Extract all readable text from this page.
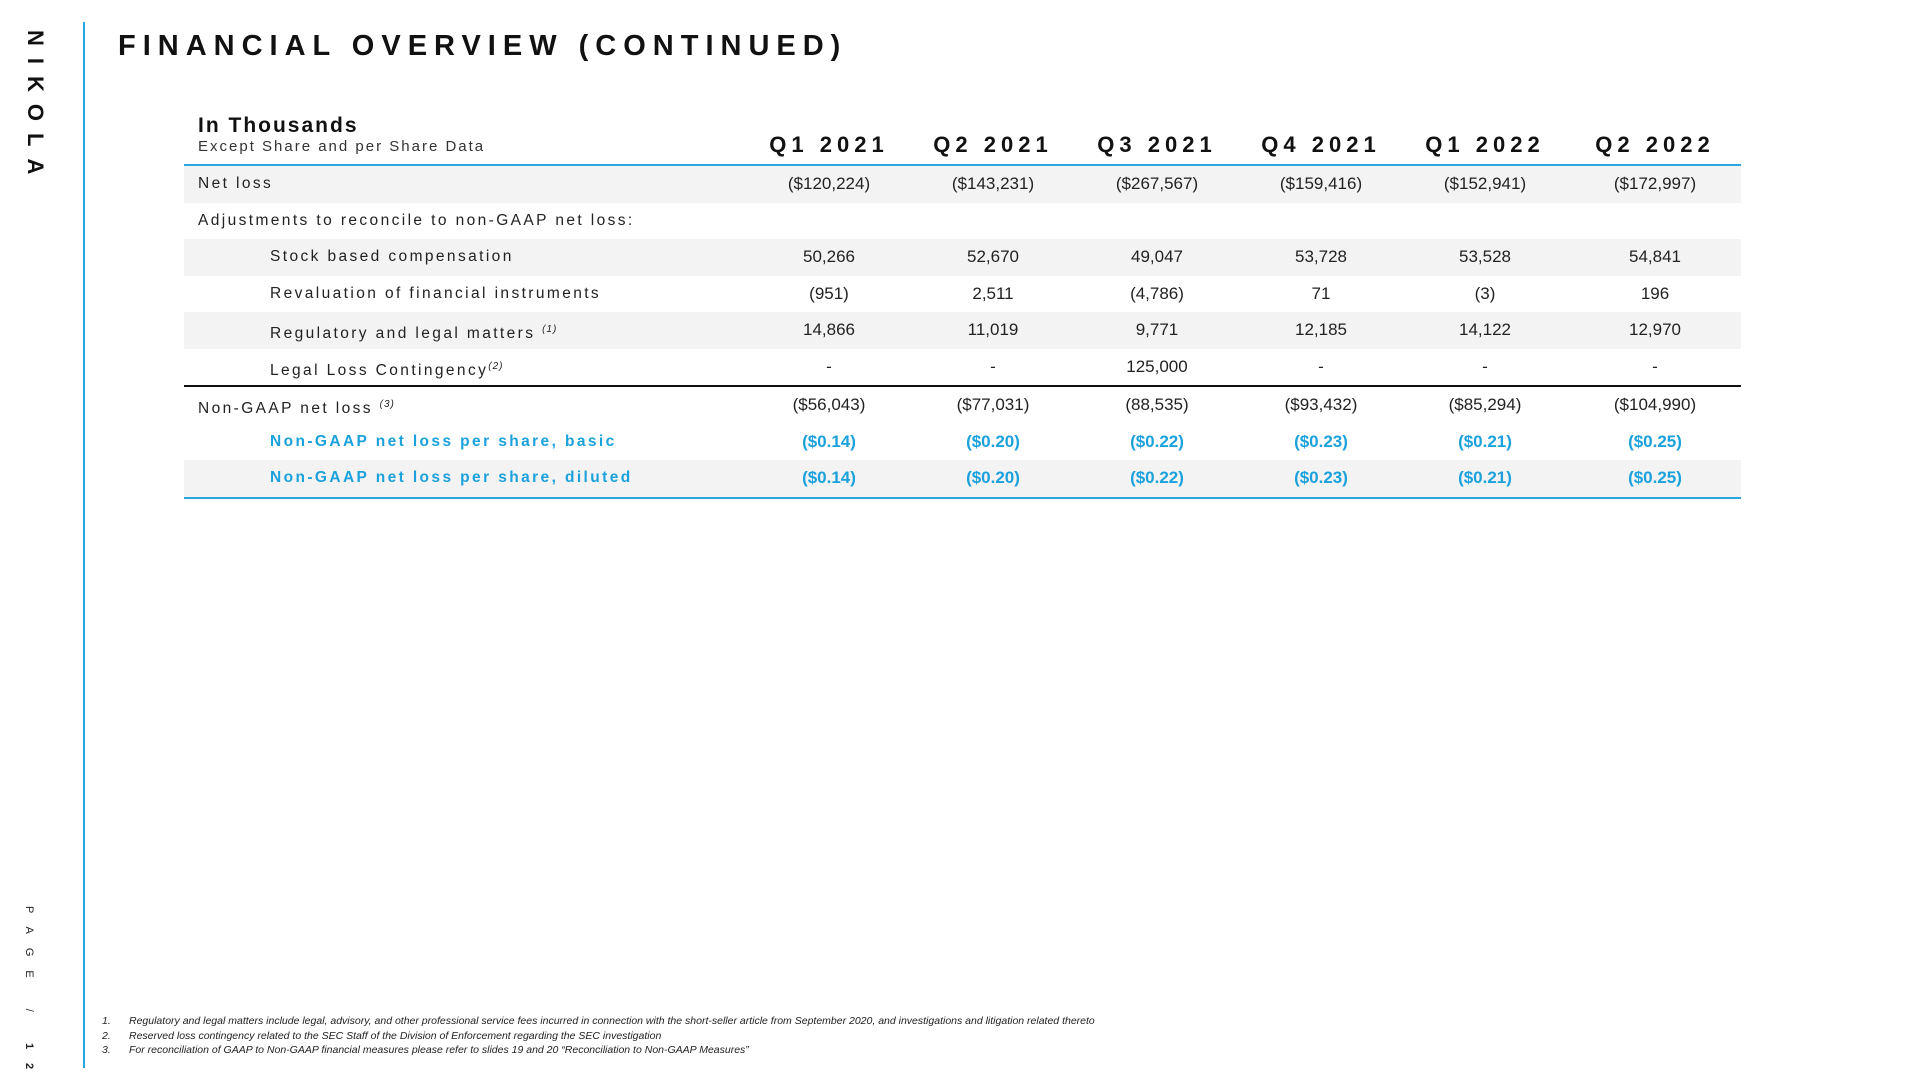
NIKOLA
PAGE / 12
FINANCIAL OVERVIEW (CONTINUED)
In Thousands
Except Share and per Share Data	Q1 2021	Q2 2021	Q3 2021	Q4 2021	Q1 2022	Q2 2022
Net loss	($120,224)	($143,231)	($267,567)	($159,416)	($152,941)	($172,997)
Adjustments to reconcile to non-GAAP net loss:
Stock based compensation	50,266	52,670	49,047	53,728	53,528	54,841
Revaluation of financial instruments	(951)	2,511	(4,786)	71	(3)	196
Regulatory and legal matters $^{(1)}$	14,866	11,019	9,771	12,185	14,122	12,970
Legal Loss Contingency$^{(2)}$	-	-	125,000	-	-	-
Non-GAAP net loss $^{(3)}$	($56,043)	($77,031)	(88,535)	($93,432)	($85,294)	($104,990)
Non-GAAP net loss per share, basic	($0.14)	($0.20)	($0.22)	($0.23)	($0.21)	($0.25)
Non-GAAP net loss per share, diluted	($0.14)	($0.20)	($0.22)	($0.23)	($0.21)	($0.25)
1.	Regulatory and legal matters include legal, advisory, and other professional service fees incurred in connection with the short-seller article from September 2020, and investigations and litigation related thereto
2.	Reserved loss contingency related to the SEC Staff of the Division of Enforcement regarding the SEC investigation
3.	For reconciliation of GAAP to Non-GAAP financial measures please refer to slides 19 and 20 “Reconciliation to Non-GAAP Measures”
